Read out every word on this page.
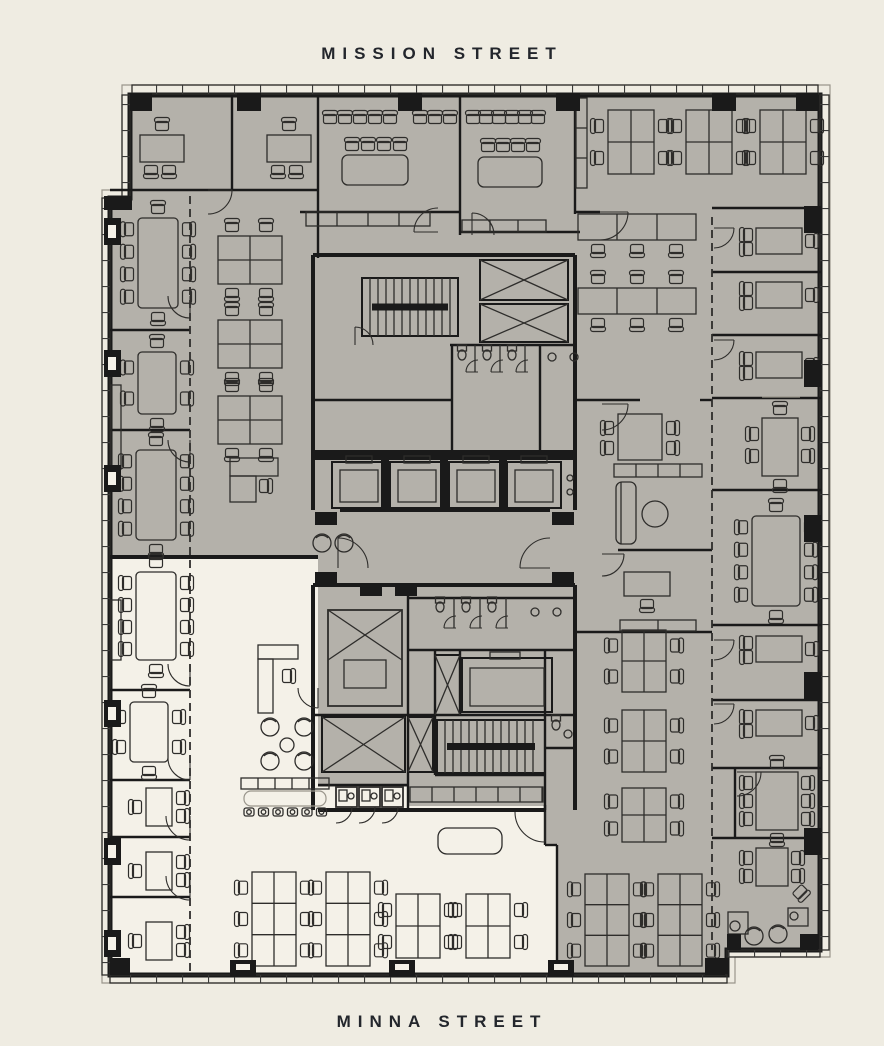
MISSION STREET
MINNA STREET
